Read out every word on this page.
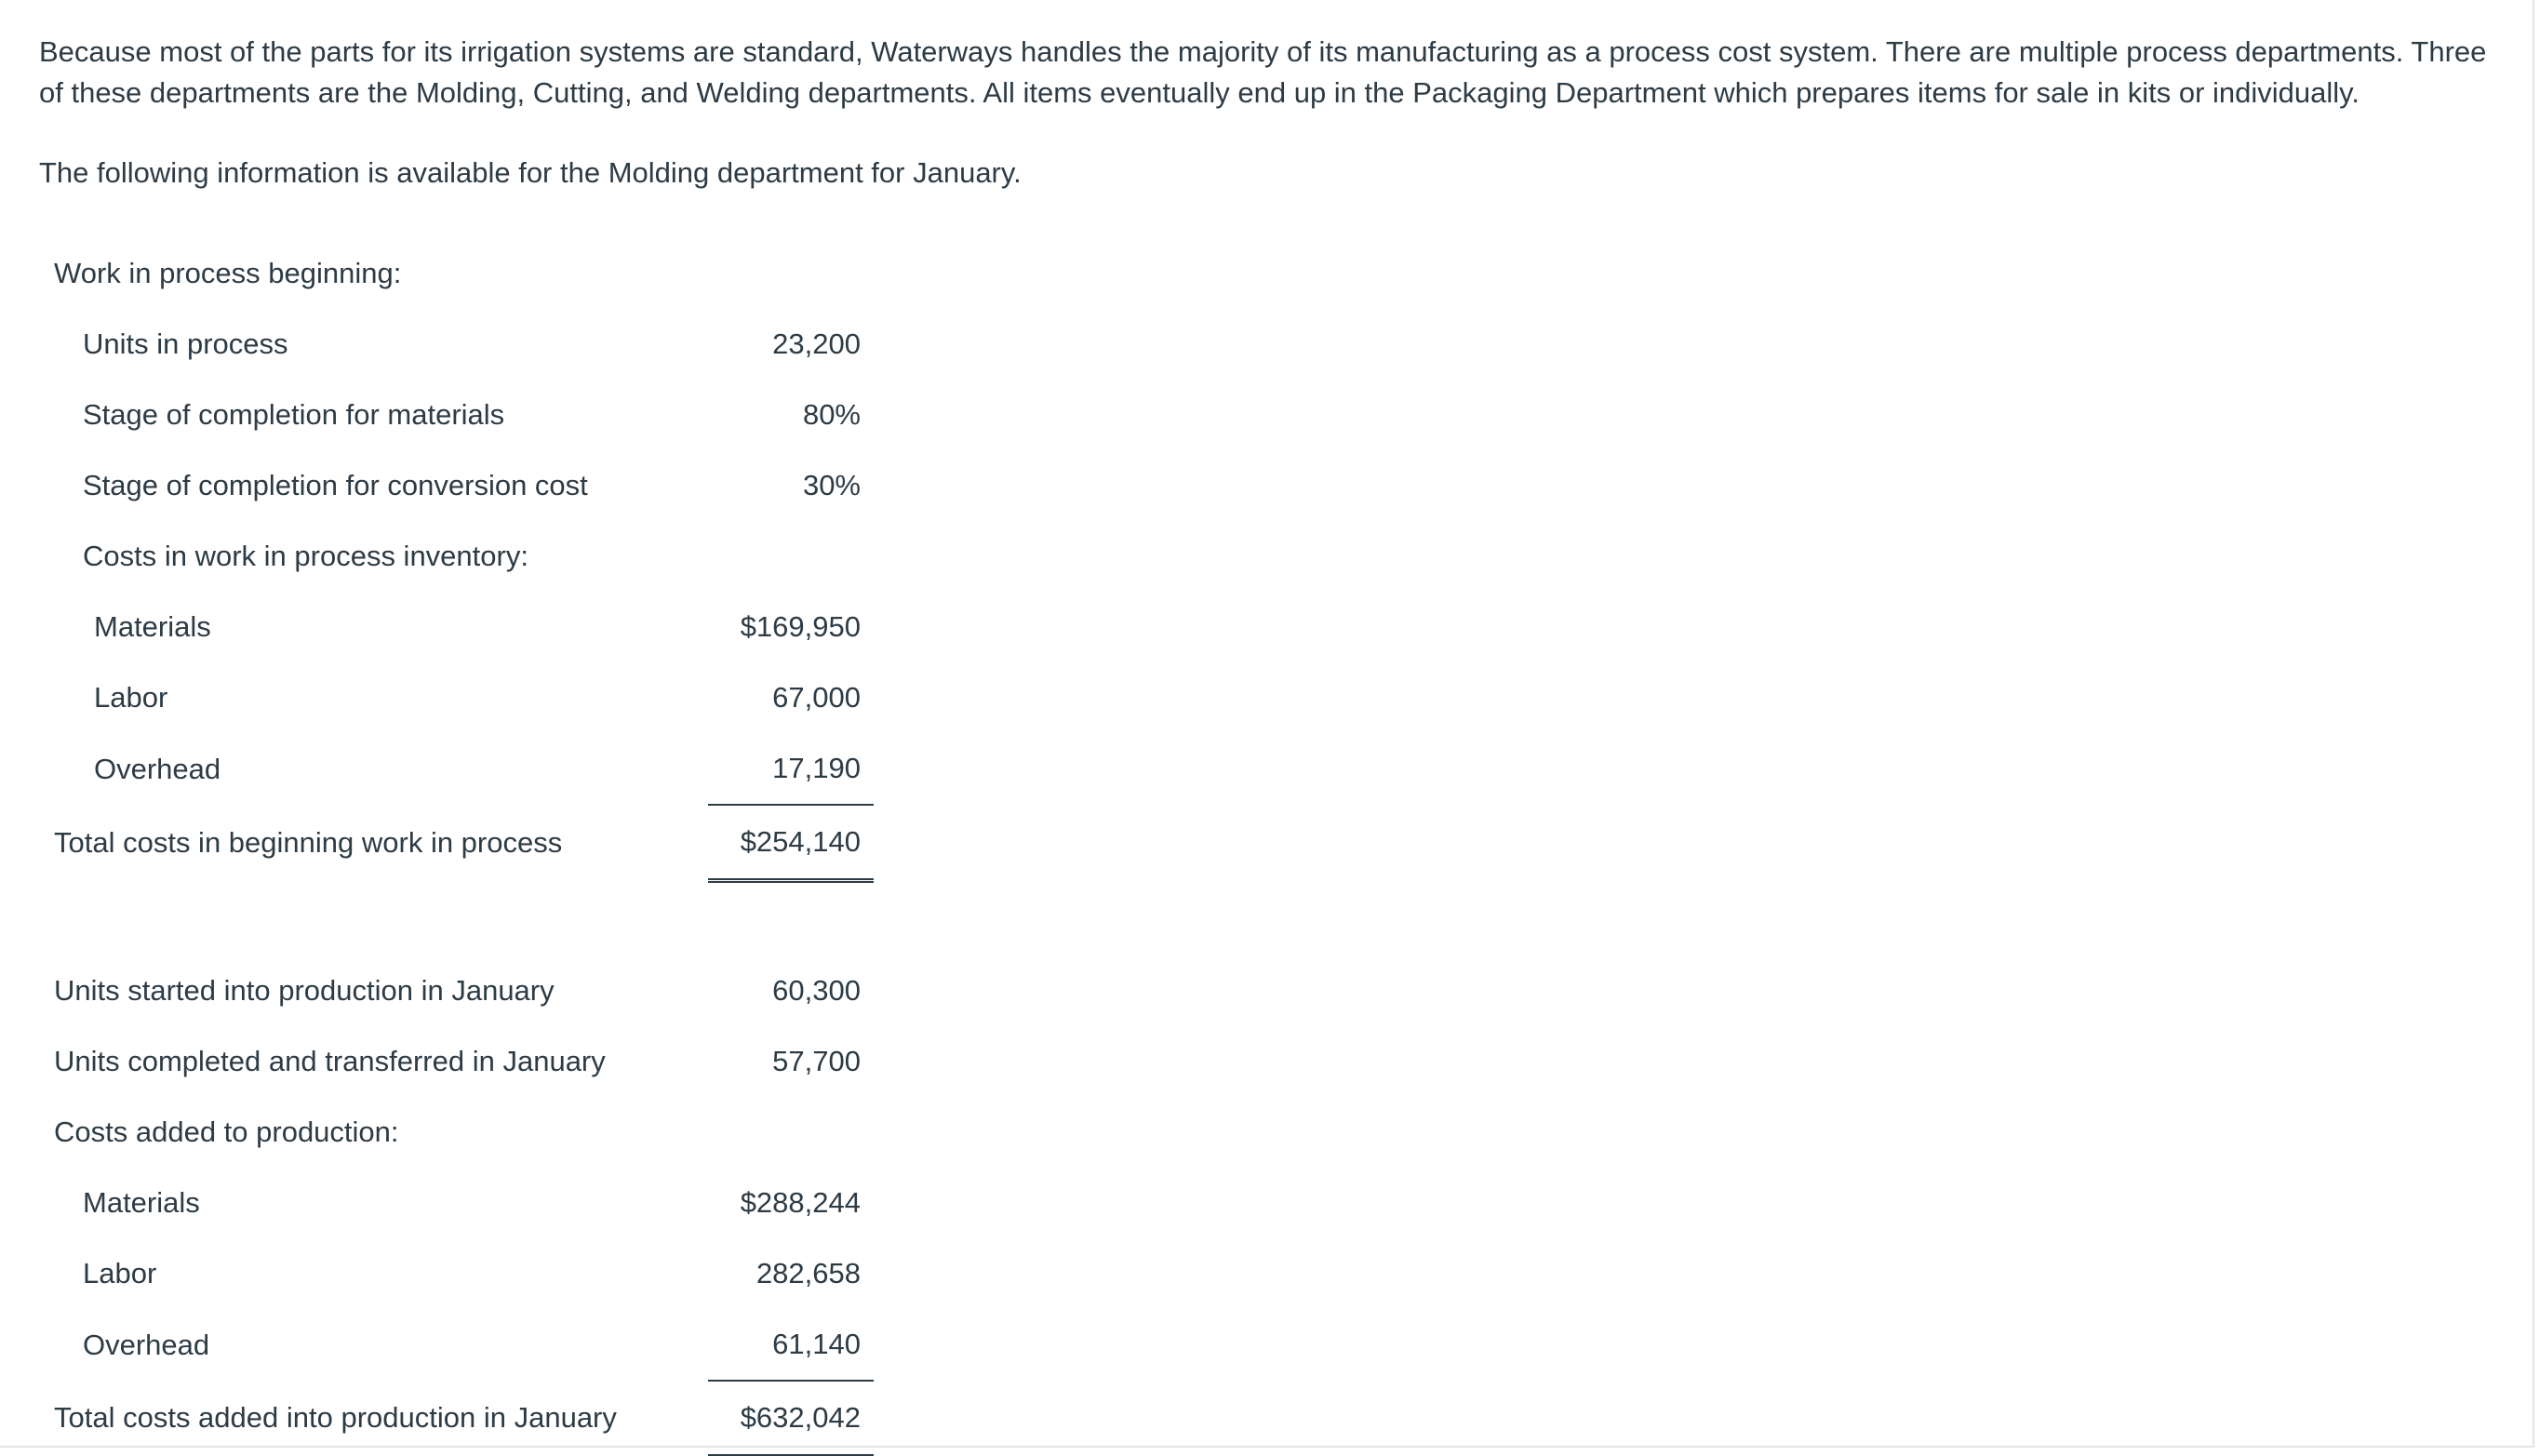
Because most of the parts for its irrigation systems are standard, Waterways handles the majority of its manufacturing as a process cost system. There are multiple process departments. Three of these departments are the Molding, Cutting, and Welding departments. All items eventually end up in the Packaging Department which prepares items for sale in kits or individually.

The following information is available for the Molding department for January.

Work in process beginning:	
Units in process	23,200
Stage of completion for materials	80%
Stage of completion for conversion cost	30%
Costs in work in process inventory:	
Materials	$169,950
Labor	67,000
Overhead	17,190
Total costs in beginning work in process	$254,140

Units started into production in January	60,300
Units completed and transferred in January	57,700
Costs added to production:	
Materials	$288,244
Labor	282,658
Overhead	61,140
Total costs added into production in January	$632,042
